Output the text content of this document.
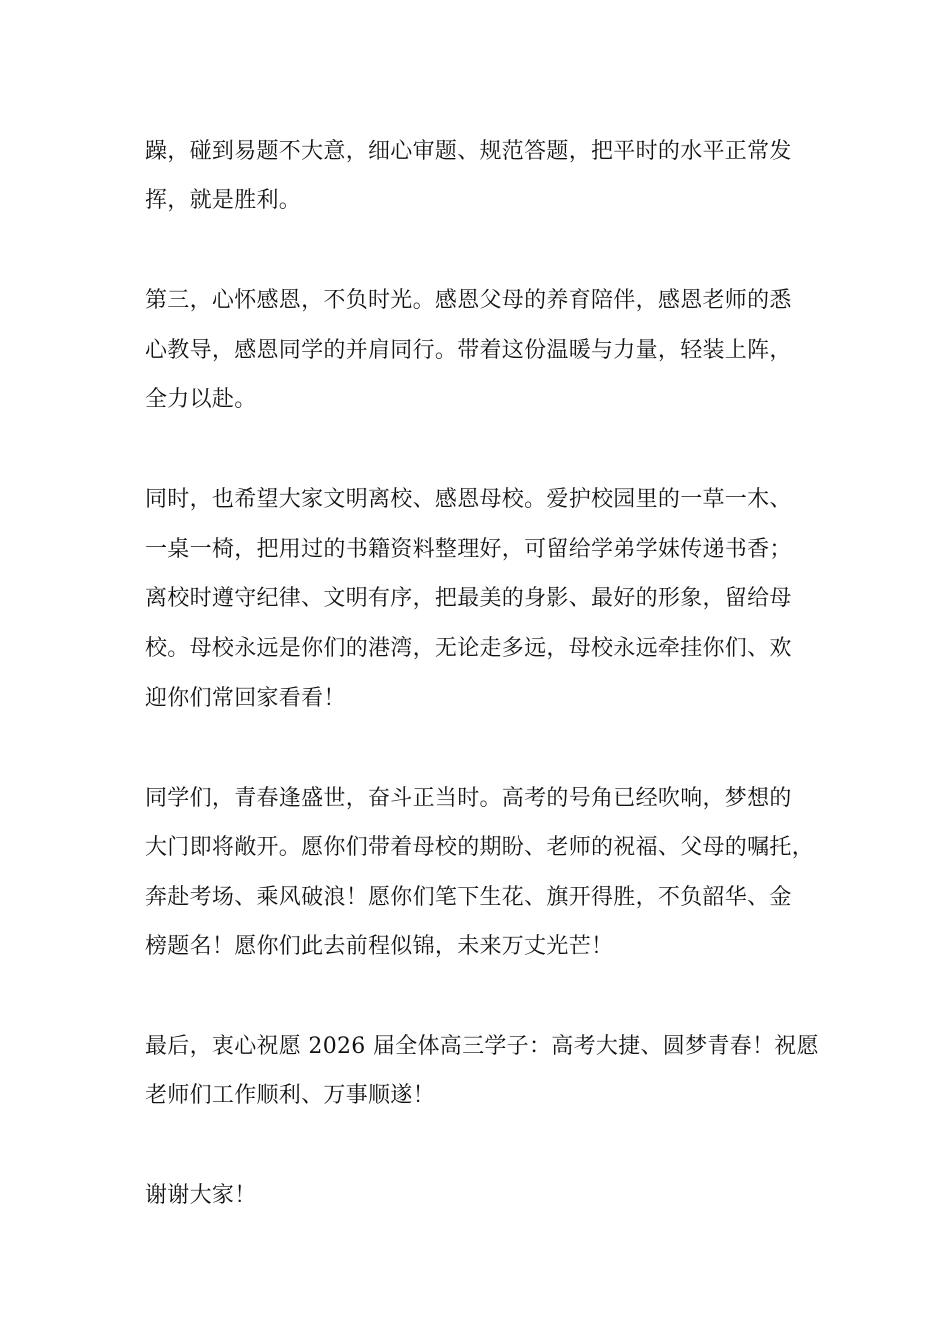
躁，碰到易题不大意，细心审题、规范答题，把平时的水平正常发
挥，就是胜利。
第三，心怀感恩，不负时光。感恩父母的养育陪伴，感恩老师的悉
心教导，感恩同学的并肩同行。带着这份温暖与力量，轻装上阵，
全力以赴。
同时，也希望大家文明离校、感恩母校。爱护校园里的一草一木、
一桌一椅，把用过的书籍资料整理好，可留给学弟学妹传递书香；
离校时遵守纪律、文明有序，把最美的身影、最好的形象，留给母
校。母校永远是你们的港湾，无论走多远，母校永远牵挂你们、欢
迎你们常回家看看！
同学们，青春逢盛世，奋斗正当时。高考的号角已经吹响，梦想的
大门即将敞开。愿你们带着母校的期盼、老师的祝福、父母的嘱托，
奔赴考场、乘风破浪！愿你们笔下生花、旗开得胜，不负韶华、金
榜题名！愿你们此去前程似锦，未来万丈光芒！
最后，衷心祝愿 2026 届全体高三学子：高考大捷、圆梦青春！祝愿
老师们工作顺利、万事顺遂！
谢谢大家！
